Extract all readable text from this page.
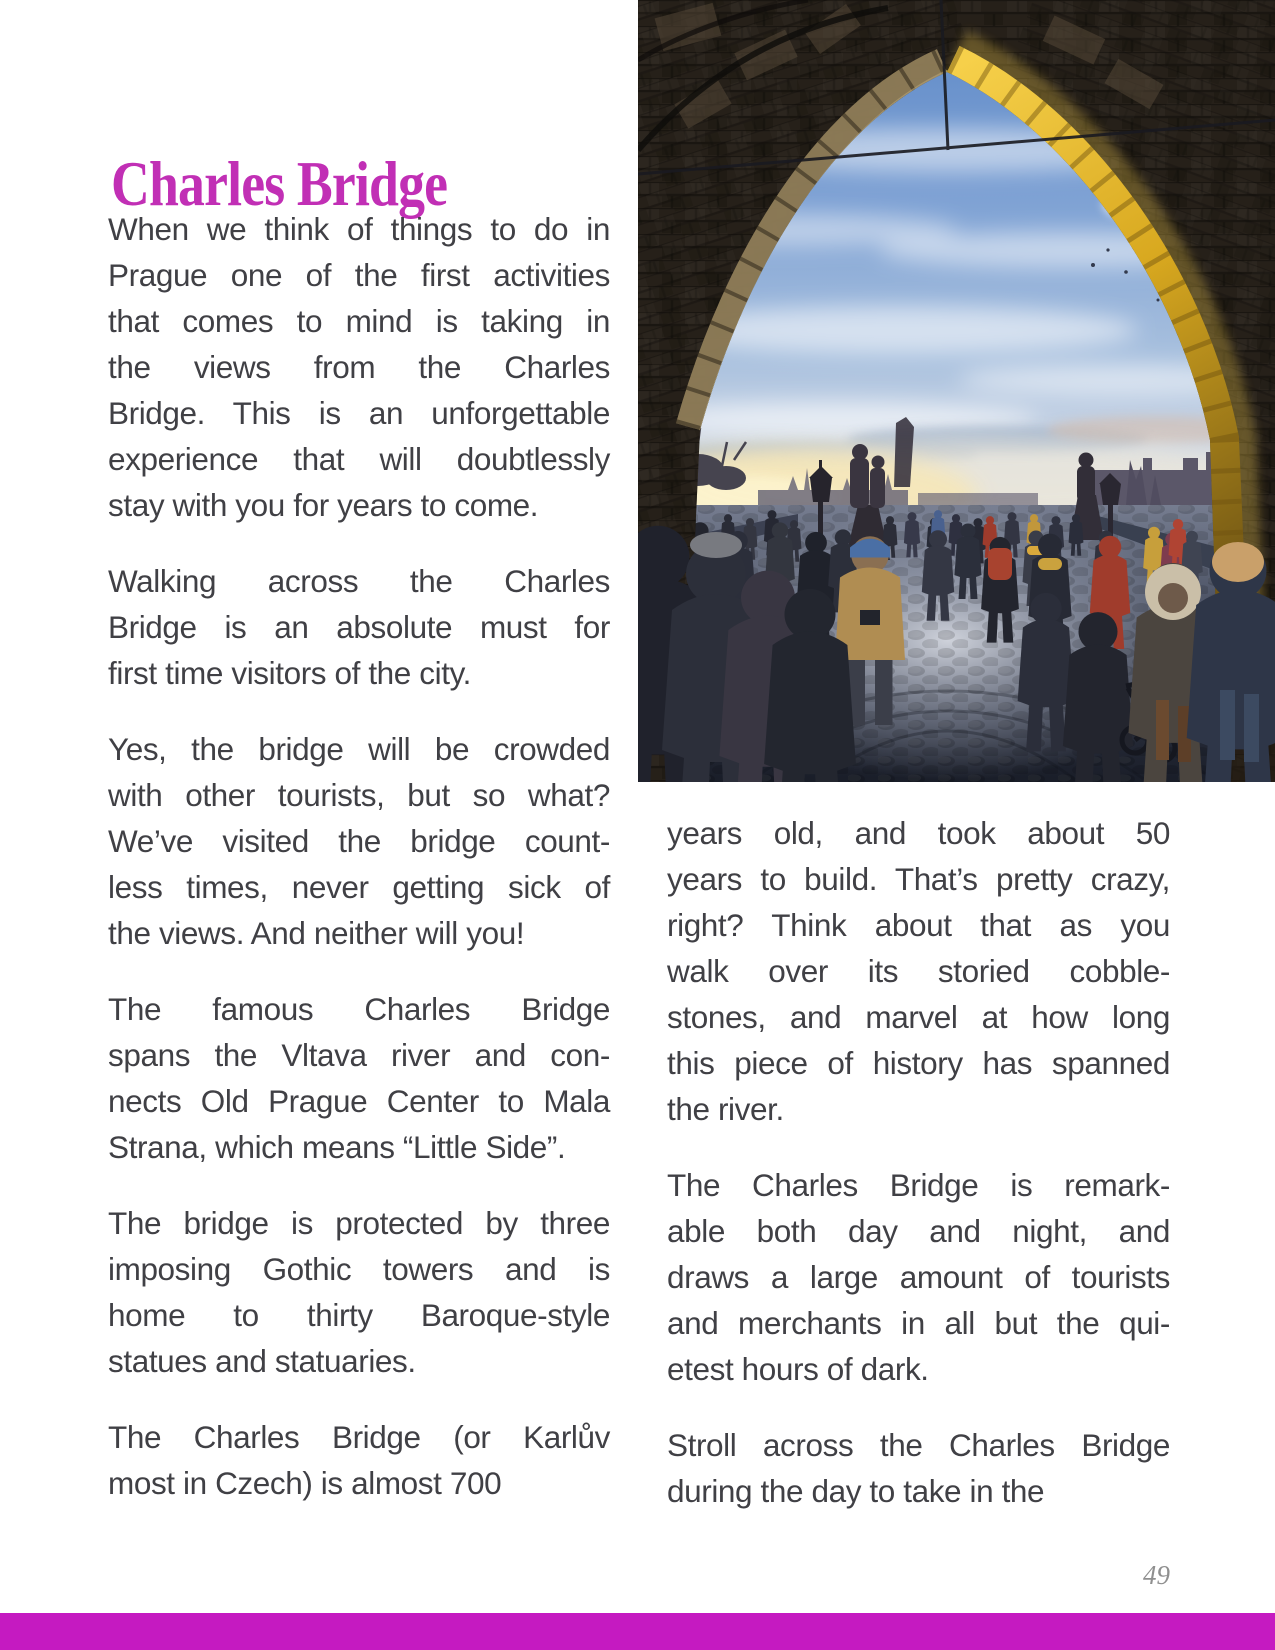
Charles Bridge
When we think of things to do in
Prague one of the first activities
that comes to mind is taking in
the views from the Charles
Bridge. This is an unforgettable
experience that will doubtlessly
stay with you for years to come.
Walking across the Charles
Bridge is an absolute must for
first time visitors of the city.
Yes, the bridge will be crowded
with other tourists, but so what?
We’ve visited the bridge count-
less times, never getting sick of
the views. And neither will you!
The famous Charles Bridge
spans the Vltava river and con-
nects Old Prague Center to Mala
Strana, which means “Little Side”.
The bridge is protected by three
imposing Gothic towers and is
home to thirty Baroque-style
statues and statuaries.
The Charles Bridge (or Karlův
most in Czech) is almost 700
years old, and took about 50
years to build. That’s pretty crazy,
right? Think about that as you
walk over its storied cobble-
stones, and marvel at how long
this piece of history has spanned
the river.
The Charles Bridge is remark-
able both day and night, and
draws a large amount of tourists
and merchants in all but the qui-
etest hours of dark.
Stroll across the Charles Bridge
during the day to take in the
49
